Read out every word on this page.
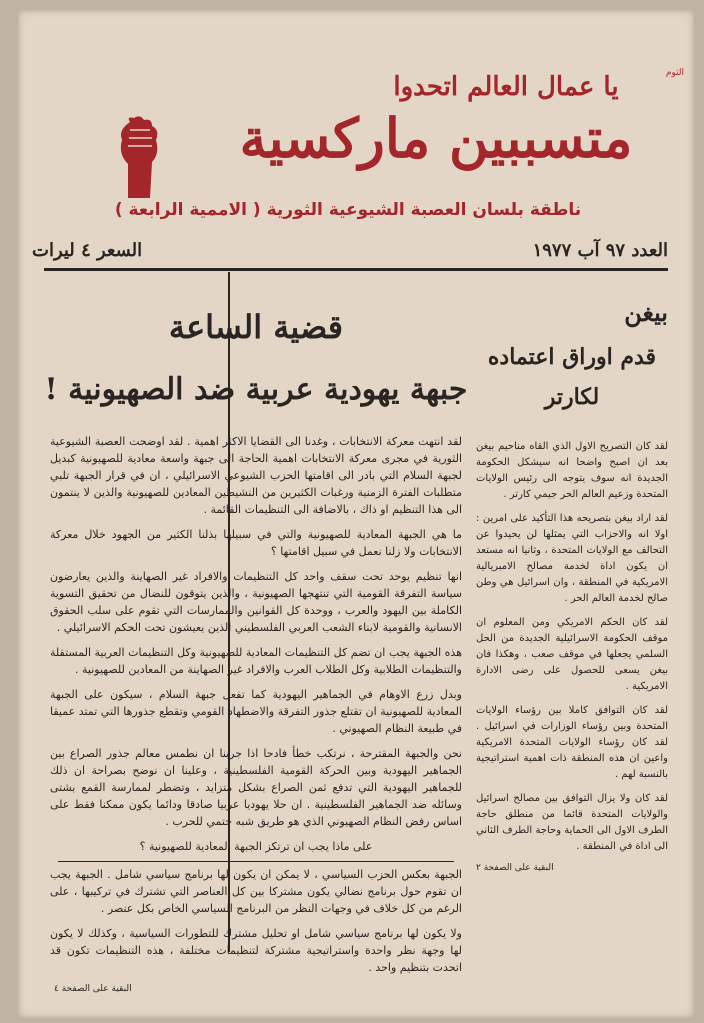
الثوم
يا عمال العالم اتحدوا
متسببين ماركسية
ناطقة بلسان العصبة الشيوعية الثورية ( الاممية الرابعة )
العدد ٩٧ آب ١٩٧٧
السعر ٤ ليرات
بيغن
قدم اوراق اعتماده لكارتر

لقد كان التصريح الاول الذي القاه مناحيم بيغن بعد ان اصبح واضحا انه سيشكل الحكومة الجديدة انه سوف يتوجه الى رئيس الولايات المتحدة وزعيم العالم الحر جيمي كارتر .

لقد اراد بيغن بتصريحه هذا التأكيد على امرين : اولا انه والاحزاب التي يمثلها لن يحيدوا عن التحالف مع الولايات المتحدة ، وثانيا انه مستعد ان يكون اداة لخدمة مصالح الامبريالية الامريكية في المنطقة ، وان اسرائيل هي وطن صالح لخدمة العالم الحر .

لقد كان الحكم الامريكي ومن المعلوم ان موقف الحكومة الاسرائيلية الجديدة من الحل السلمي يجعلها في موقف صعب ، وهكذا فان بيغن يسعى للحصول على رضى الادارة الامريكية .

لقد كان التوافق كاملا بين رؤساء الولايات المتحدة وبين رؤساء الوزارات في اسرائيل . لقد كان رؤساء الولايات المتحدة الامريكية واعين ان هذه المنطقة ذات اهمية استراتيجية بالنسبة لهم .

لقد كان ولا يزال التوافق بين مصالح اسرائيل والولايات المتحدة قائما من منطلق حاجة الطرف الاول الى الحماية وحاجة الطرف الثاني الى اداة في المنطقة .

البقية على الصفحة ٢
قضية الساعة
جبهة يهودية عربية ضد الصهيونية !

لقد انتهت معركة الانتخابات ، وغدنا الى القضايا الاكثر اهمية . لقد اوضحت العصبة الشيوعية الثورية في مجرى معركة الانتخابات اهمية الحاجة الى جبهة واسعة معادية للصهيونية كبديل لجبهة السلام التي بادر الى اقامتها الحزب الشيوعي الاسرائيلي ، ان في قرار الجبهة تلبي متطلبات الفترة الزمنية ورغبات الكثيرين من النشيطين المعادين للصهيونية والذين لا ينتمون الى هذا التنظيم او ذاك ، بالاضافة الى التنظيمات القائمة .

ما هي الجبهة المعادية للصهيونية والتي في سبيلها بذلنا الكثير من الجهود خلال معركة الانتخابات ولا زلنا نعمل في سبيل اقامتها ؟

انها تنظيم يوحد تحت سقف واحد كل التنظيمات والافراد غير الصهاينة والذين يعارضون سياسة التفرقة القومية التي تنتهجها الصهيونية ، والذين يتوقون للنضال من تحقيق التسوية الكاملة بين اليهود والعرب ، ووحدة كل القوانين والممارسات التي تقوم على سلب الحقوق الانسانية والقومية لابناء الشعب العربي الفلسطيني الذين يعيشون تحت الحكم الاسرائيلي .

هذه الجبهة يجب ان تضم كل التنظيمات المعادية للصهيونية وكل التنظيمات العربية المستقلة والتنظيمات الطلابية وكل الطلاب العرب والافراد غير الصهاينة من المعادين للصهيونية .

وبدل زرع الاوهام في الجماهير اليهودية كما تفعل جبهة السلام ، سيكون على الجبهة المعادية للصهيونية ان تقتلع جذور التفرقة والاضطهاد القومي وتقطع جذورها التي تمتد عميقا في طبيعة النظام الصهيوني .

نحن والجبهة المقترحة ، نرتكب خطأ فادحا اذا جربنا ان نطمس معالم جذور الصراع بين الجماهير اليهودية وبين الحركة القومية الفلسطينية ، وعلينا ان نوضح بصراحة ان ذلك للجماهير اليهودية التي تدفع ثمن الصراع بشكل متزايد ، وتضطر لممارسة القمع بشتى وسائله ضد الجماهير الفلسطينية . ان حلا يهوديا عربيا صادقا ودائما يكون ممكنا فقط على اساس رفض النظام الصهيوني الذي هو طريق شبه حتمي للحرب .

على ماذا يجب ان ترتكز الجبهة المعادية للصهيونية ؟

الجبهة بعكس الحزب السياسي ، لا يمكن ان يكون لها برنامج سياسي شامل . الجبهة يجب ان تقوم حول برنامج نضالي يكون مشتركا بين كل العناصر التي تشترك في تركيبها ، على الرغم من كل خلاف في وجهات النظر من البرنامج السياسي الخاص بكل عنصر .

ولا يكون لها برنامج سياسي شامل او تحليل مشترك للتطورات السياسية ، وكذلك لا يكون لها وجهة نظر واحدة واستراتيجية مشتركة لتنظيمات مختلفة ، هذه التنظيمات تكون قد اتحدت بتنظيم واحد .

البقية على الصفحة ٤
